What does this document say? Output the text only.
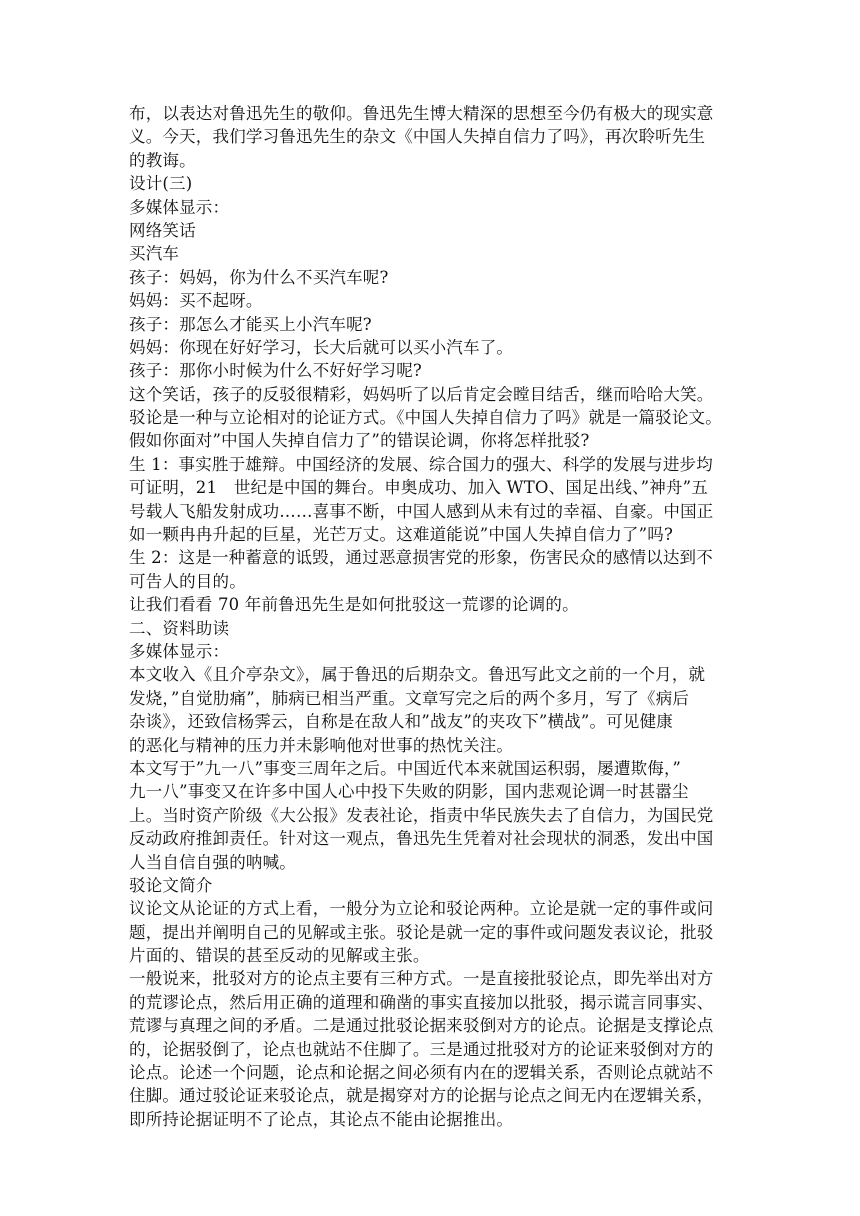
布，以表达对鲁迅先生的敬仰。鲁迅先生博大精深的思想至今仍有极大的现实意
义。今天，我们学习鲁迅先生的杂文《中国人失掉自信力了吗》，再次聆听先生
的教诲。
设计(三)
多媒体显示：
网络笑话
买汽车
孩子：妈妈，你为什么不买汽车呢?
妈妈：买不起呀。
孩子：那怎么才能买上小汽车呢?
妈妈：你现在好好学习，长大后就可以买小汽车了。
孩子：那你小时候为什么不好好学习呢?
这个笑话，孩子的反驳很精彩，妈妈听了以后肯定会瞠目结舌，继而哈哈大笑。
驳论是一种与立论相对的论证方式。《中国人失掉自信力了吗》就是一篇驳论文。
假如你面对”中国人失掉自信力了”的错误论调，你将怎样批驳?
生 1：事实胜于雄辩。中国经济的发展、综合国力的强大、科学的发展与进步均
可证明，21　世纪是中国的舞台。申奥成功、加入 WTO、国足出线、”神舟”五
号载人飞船发射成功……喜事不断，中国人感到从未有过的幸福、自豪。中国正
如一颗冉冉升起的巨星，光芒万丈。这难道能说”中国人失掉自信力了”吗?
生 2：这是一种蓄意的诋毁，通过恶意损害党的形象，伤害民众的感情以达到不
可告人的目的。
让我们看看 70 年前鲁迅先生是如何批驳这一荒谬的论调的。
二、资料助读
多媒体显示：
本文收入《且介亭杂文》，属于鲁迅的后期杂文。鲁迅写此文之前的一个月，就
发烧，”自觉肋痛”，肺病已相当严重。文章写完之后的两个多月，写了《病后
杂谈》，还致信杨霁云，自称是在敌人和”战友”的夹攻下”横战”。可见健康
的恶化与精神的压力并未影响他对世事的热忱关注。
本文写于”九一八”事变三周年之后。中国近代本来就国运积弱，屡遭欺侮，”
九一八”事变又在许多中国人心中投下失败的阴影，国内悲观论调一时甚嚣尘
上。当时资产阶级《大公报》发表社论，指责中华民族失去了自信力，为国民党
反动政府推卸责任。针对这一观点，鲁迅先生凭着对社会现状的洞悉，发出中国
人当自信自强的呐喊。
驳论文简介
议论文从论证的方式上看，一般分为立论和驳论两种。立论是就一定的事件或问
题，提出并阐明自己的见解或主张。驳论是就一定的事件或问题发表议论，批驳
片面的、错误的甚至反动的见解或主张。
一般说来，批驳对方的论点主要有三种方式。一是直接批驳论点，即先举出对方
的荒谬论点，然后用正确的道理和确凿的事实直接加以批驳，揭示谎言同事实、
荒谬与真理之间的矛盾。二是通过批驳论据来驳倒对方的论点。论据是支撑论点
的，论据驳倒了，论点也就站不住脚了。三是通过批驳对方的论证来驳倒对方的
论点。论述一个问题，论点和论据之间必须有内在的逻辑关系，否则论点就站不
住脚。通过驳论证来驳论点，就是揭穿对方的论据与论点之间无内在逻辑关系，
即所持论据证明不了论点，其论点不能由论据推出。
